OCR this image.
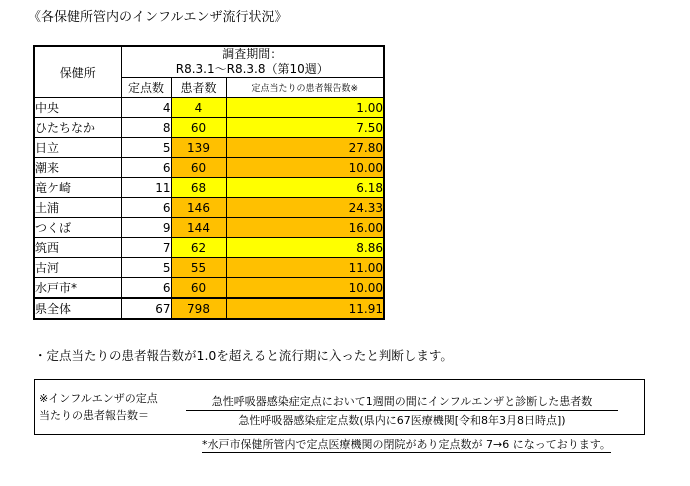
《各保健所管内のインフルエンザ流行状況》
保健所	調査期間：
R8.3.1～R8.3.8（第10週）		

	定点数	患者数	定点当たりの患者報告数※
中央	4	4	1.00
ひたちなか	8	60	7.50
日立	5	139	27.80
潮来	6	60	10.00
竜ケ崎	11	68	6.18
土浦	6	146	24.33
つくば	9	144	16.00
筑西	7	62	8.86
古河	5	55	11.00
水戸市*	6	60	10.00
県全体	67	798	11.91
・定点当たりの患者報告数が1.0を超えると流行期に入ったと判断します。
※インフルエンザの定点
当たりの患者報告数＝
急性呼吸器感染症定点において1週間の間にインフルエンザと診断した患者数
急性呼吸器感染症定点数(県内に67医療機関[令和8年3月8日時点])
*水戸市保健所管内で定点医療機関の閉院があり定点数が 7→6 になっております。
